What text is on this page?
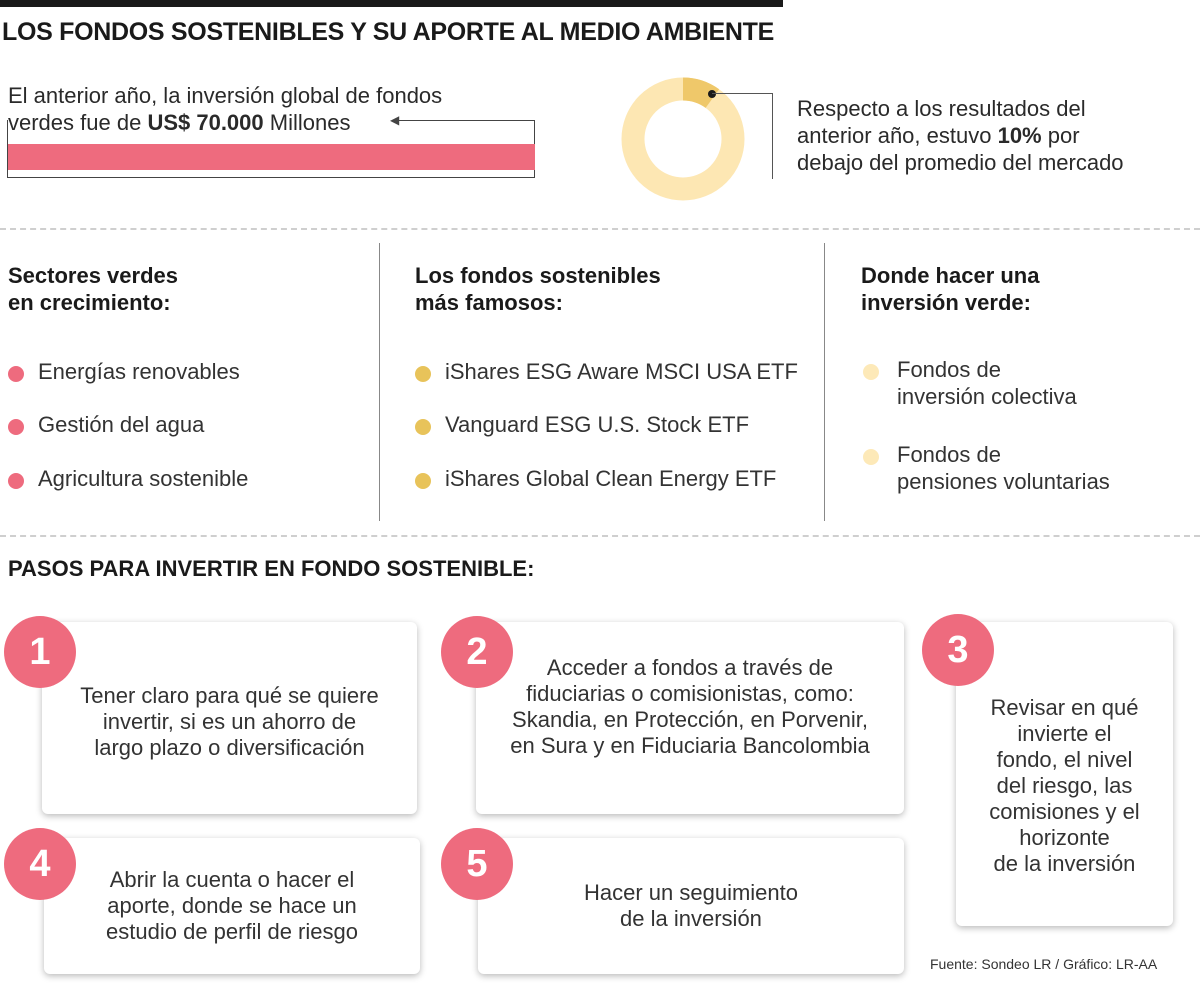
LOS FONDOS SOSTENIBLES Y SU APORTE AL MEDIO AMBIENTE
El anterior año, la inversión global de fondos
verdes fue de US$ 70.000 Millones	◀	Respecto a los resultados del
anterior año, estuvo 10% por
debajo del promedio del mercado
Sectores verdes
en crecimiento:
Energías renovables
Gestión del agua
Agricultura sostenible
Los fondos sostenibles
más famosos:
iShares ESG Aware MSCI USA ETF
Vanguard ESG U.S. Stock ETF
iShares Global Clean Energy ETF
Donde hacer una
inversión verde:
Fondos de
inversión colectiva
Fondos de
pensiones voluntarias
PASOS PARA INVERTIR EN FONDO SOSTENIBLE:
Tener claro para qué se quiere
invertir, si es un ahorro de
largo plazo o diversificación
1	Acceder a fondos a través de
fiduciarias o comisionistas, como:
Skandia, en Protección, en Porvenir,
en Sura y en Fiduciaria Bancolombia
2
Revisar en qué
invierte el
fondo, el nivel
del riesgo, las
comisiones y el
horizonte
de la inversión
3
Abrir la cuenta o hacer el
aporte, donde se hace un
estudio de perfil de riesgo
4
Hacer un seguimiento
de la inversión
5
Fuente: Sondeo LR / Gráfico: LR-AA
